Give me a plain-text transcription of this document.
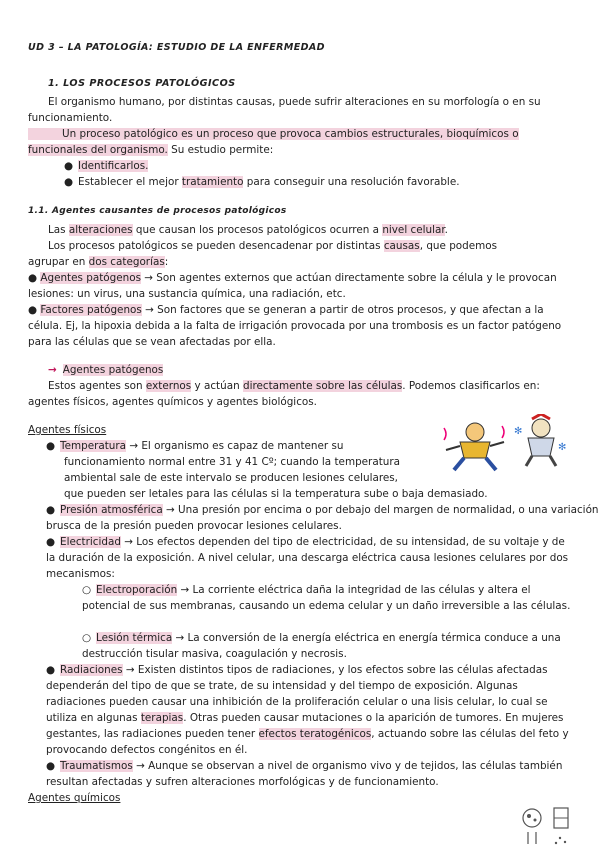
UD 3 – LA PATOLOGÍA: ESTUDIO DE LA ENFERMEDAD
1. LOS PROCESOS PATOLÓGICOS

El organismo humano, por distintas causas, puede sufrir alteraciones en su morfología o en su funcionamiento.

Un proceso patológico es un proceso que provoca cambios estructurales, bioquímicos o funcionales del organismo. Su estudio permite:

● Identificarlos.
● Establecer el mejor tratamiento para conseguir una resolución favorable.
1.1. Agentes causantes de procesos patológicos

Las alteraciones que causan los procesos patológicos ocurren a nivel celular.

Los procesos patológicos se pueden desencadenar por distintas causas, que podemos

agrupar en dos categorías:

● Agentes patógenos → Son agentes externos que actúan directamente sobre la célula y le provocan lesiones: un virus, una sustancia química, una radiación, etc.

● Factores patógenos → Son factores que se generan a partir de otros procesos, y que afectan a la célula. Ej, la hipoxia debida a la falta de irrigación provocada por una trombosis es un factor patógeno para las células que se vean afectadas por ella.

→ Agentes patógenos

Estos agentes son externos y actúan directamente sobre las células. Podemos clasificarlos en: agentes físicos, agentes químicos y agentes biológicos.

Agentes físicos
● Temperatura → El organismo es capaz de mantener su
funcionamiento normal entre 31 y 41 Cº; cuando la temperatura
ambiental sale de este intervalo se producen lesiones celulares,
que pueden ser letales para las células si la temperatura sube o baja demasiado.
✻
✻
● Presión atmosférica → Una presión por encima o por debajo del margen de normalidad, o una variación brusca de la presión pueden provocar lesiones celulares.

● Electricidad → Los efectos dependen del tipo de electricidad, de su intensidad, de su voltaje y de la duración de la exposición. A nivel celular, una descarga eléctrica causa lesiones celulares por dos mecanismos:

○ Electroporación → La corriente eléctrica daña la integridad de las células y altera el potencial de sus membranas, causando un edema celular y un daño irreversible a las células.

○ Lesión térmica → La conversión de la energía eléctrica en energía térmica conduce a una destrucción tisular masiva, coagulación y necrosis.

● Radiaciones → Existen distintos tipos de radiaciones, y los efectos sobre las células afectadas dependerán del tipo de que se trate, de su intensidad y del tiempo de exposición. Algunas radiaciones pueden causar una inhibición de la proliferación celular o una lisis celular, lo cual se utiliza en algunas terapias. Otras pueden causar mutaciones o la aparición de tumores. En mujeres gestantes, las radiaciones pueden tener efectos teratogénicos, actuando sobre las células del feto y provocando defectos congénitos en él.

● Traumatismos → Aunque se observan a nivel de organismo vivo y de tejidos, las células también resultan afectadas y sufren alteraciones morfológicas y de funcionamiento.

Agentes químicos
